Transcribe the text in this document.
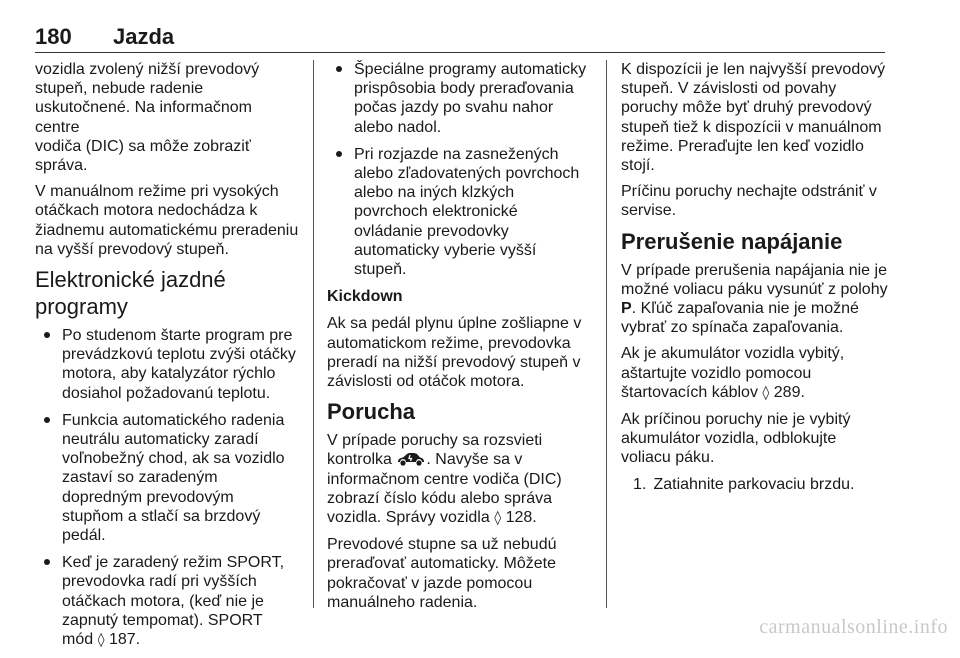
180 Jazda

vozidla zvolený nižší prevodový
stupeň, nebude radenie
uskutočnené. Na informačnom centre
vodiča (DIC) sa môže zobraziť
správa.

V manuálnom režime pri vysokých
otáčkach motora nedochádza k
žiadnemu automatickému preradeniu
na vyšší prevodový stupeň.

Elektronické jazdné
programy
Po studenom štarte program pre
prevádzkovú teplotu zvýši otáčky
motora, aby katalyzátor rýchlo
dosiahol požadovanú teplotu.
Funkcia automatického radenia
neutrálu automaticky zaradí
voľnobežný chod, ak sa vozidlo
zastaví so zaradeným
dopredným prevodovým
stupňom a stlačí sa brzdový
pedál.
Keď je zaradený režim SPORT,
prevodovka radí pri vyšších
otáčkach motora, (keď nie je
zapnutý tempomat). SPORT
mód ◊ 187.
Špeciálne programy automaticky
prispôsobia body preraďovania
počas jazdy po svahu nahor
alebo nadol.
Pri rozjazde na zasnežených
alebo zľadovatených povrchoch
alebo na iných klzkých
povrchoch elektronické
ovládanie prevodovky
automaticky vyberie vyšší
stupeň.
Kickdown

Ak sa pedál plynu úplne zošliapne v
automatickom režime, prevodovka
preradí na nižší prevodový stupeň v
závislosti od otáčok motora.

Porucha

V prípade poruchy sa rozsvieti
kontrolka . Navyše sa v
informačnom centre vodiča (DIC)
zobrazí číslo kódu alebo správa
vozidla. Správy vozidla ◊ 128.

Prevodové stupne sa už nebudú
preraďovať automaticky. Môžete
pokračovať v jazde pomocou
manuálneho radenia.

K dispozícii je len najvyšší prevodový
stupeň. V závislosti od povahy
poruchy môže byť druhý prevodový
stupeň tiež k dispozícii v manuálnom
režime. Preraďujte len keď vozidlo
stojí.

Príčinu poruchy nechajte odstrániť v
servise.

Prerušenie napájanie

V prípade prerušenia napájania nie je
možné voliacu páku vysunúť z polohy
P. Kľúč zapaľovania nie je možné
vybrať zo spínača zapaľovania.

Ak je akumulátor vozidla vybitý,
aštartujte vozidlo pomocou
štartovacích káblov ◊ 289.

Ak príčinou poruchy nie je vybitý
akumulátor vozidla, odblokujte
voliacu páku.

1. Zatiahnite parkovaciu brzdu.

carmanualsonline.info
